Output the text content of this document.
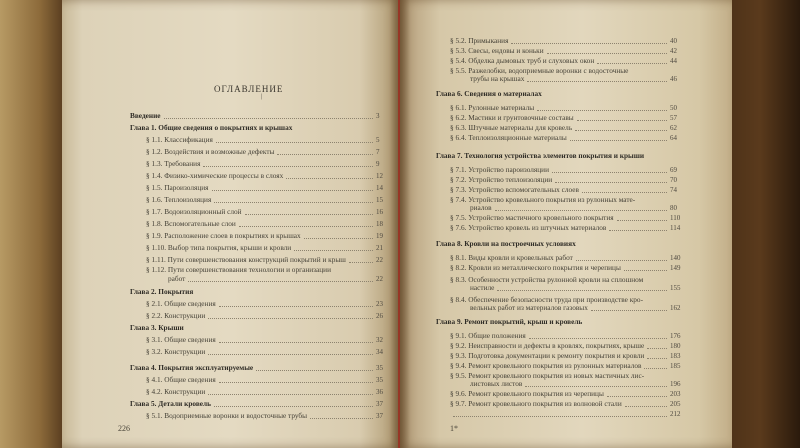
ОГЛАВЛЕНИЕ
|
Введение	3
Глава 1. Общие сведения о покрытиях и крышах
§ 1.1. Классификация	5
§ 1.2. Воздействия и возможные дефекты	7
§ 1.3. Требования	9
§ 1.4. Физико-химические процессы в слоях	12
§ 1.5. Пароизоляция	14
§ 1.6. Теплоизоляция	15
§ 1.7. Водоизоляционный слой	16
§ 1.8. Вспомогательные слои	18
§ 1.9. Расположение слоев в покрытиях и крышах	19
§ 1.10. Выбор типа покрытия, крыши и кровли	21
§ 1.11. Пути совершенствования конструкций покрытий и крыш	22
§ 1.12. Пути совершенствования технологии и организации
работ	22
Глава 2. Покрытия
§ 2.1. Общие сведения	23
§ 2.2. Конструкции	26
Глава 3. Крыши
§ 3.1. Общие сведения	32
§ 3.2. Конструкции	34
Глава 4. Покрытия эксплуатируемые	35
§ 4.1. Общие сведения	35
§ 4.2. Конструкции	36
Глава 5. Детали кровель	37
§ 5.1. Водоприемные воронки и водосточные трубы	37
226
§ 5.2. Примыкания	40
§ 5.3. Свесы, ендовы и коньки	42
§ 5.4. Обделка дымовых труб и слуховых окон	44
§ 5.5. Разжелобки, водоприемные воронки с водосточные
трубы на крышах	46
Глава 6. Сведения о материалах
§ 6.1. Рулонные материалы	50
§ 6.2. Мастики и грунтовочные составы	57
§ 6.3. Штучные материалы для кровель	62
§ 6.4. Теплоизоляционные материалы	64
Глава 7. Технология устройства элементов покрытия и крыши
§ 7.1. Устройство пароизоляции	69
§ 7.2. Устройство теплоизоляции	70
§ 7.3. Устройство вспомогательных слоев	74
§ 7.4. Устройство кровельного покрытия из рулонных мате-
риалов	80
§ 7.5. Устройство мастичного кровельного покрытия	110
§ 7.6. Устройство кровель из штучных материалов	114
Глава 8. Кровли на построечных условиях
§ 8.1. Виды кровли и кровельных работ	140
§ 8.2. Кровли из металлического покрытия и черепицы	149
§ 8.3. Особенности устройства рулонной кровли на сплошном
настиле	155
§ 8.4. Обеспечение безопасности труда при производстве кро-
вельных работ из материалов газовых	162
Глава 9. Ремонт покрытий, крыш и кровель
§ 9.1. Общие положения	176
§ 9.2. Неисправности и дефекты в кровлях, покрытиях, крыше	180
§ 9.3. Подготовка документации к ремонту покрытия и кровли	183
§ 9.4. Ремонт кровельного покрытия из рулонных материалов	185
§ 9.5. Ремонт кровельного покрытия из новых мастичных лис-
листовых листов	196
§ 9.6. Ремонт кровельного покрытия из черепицы	203
§ 9.7. Ремонт кровельного покрытия из волновой стали	205
212
1*
